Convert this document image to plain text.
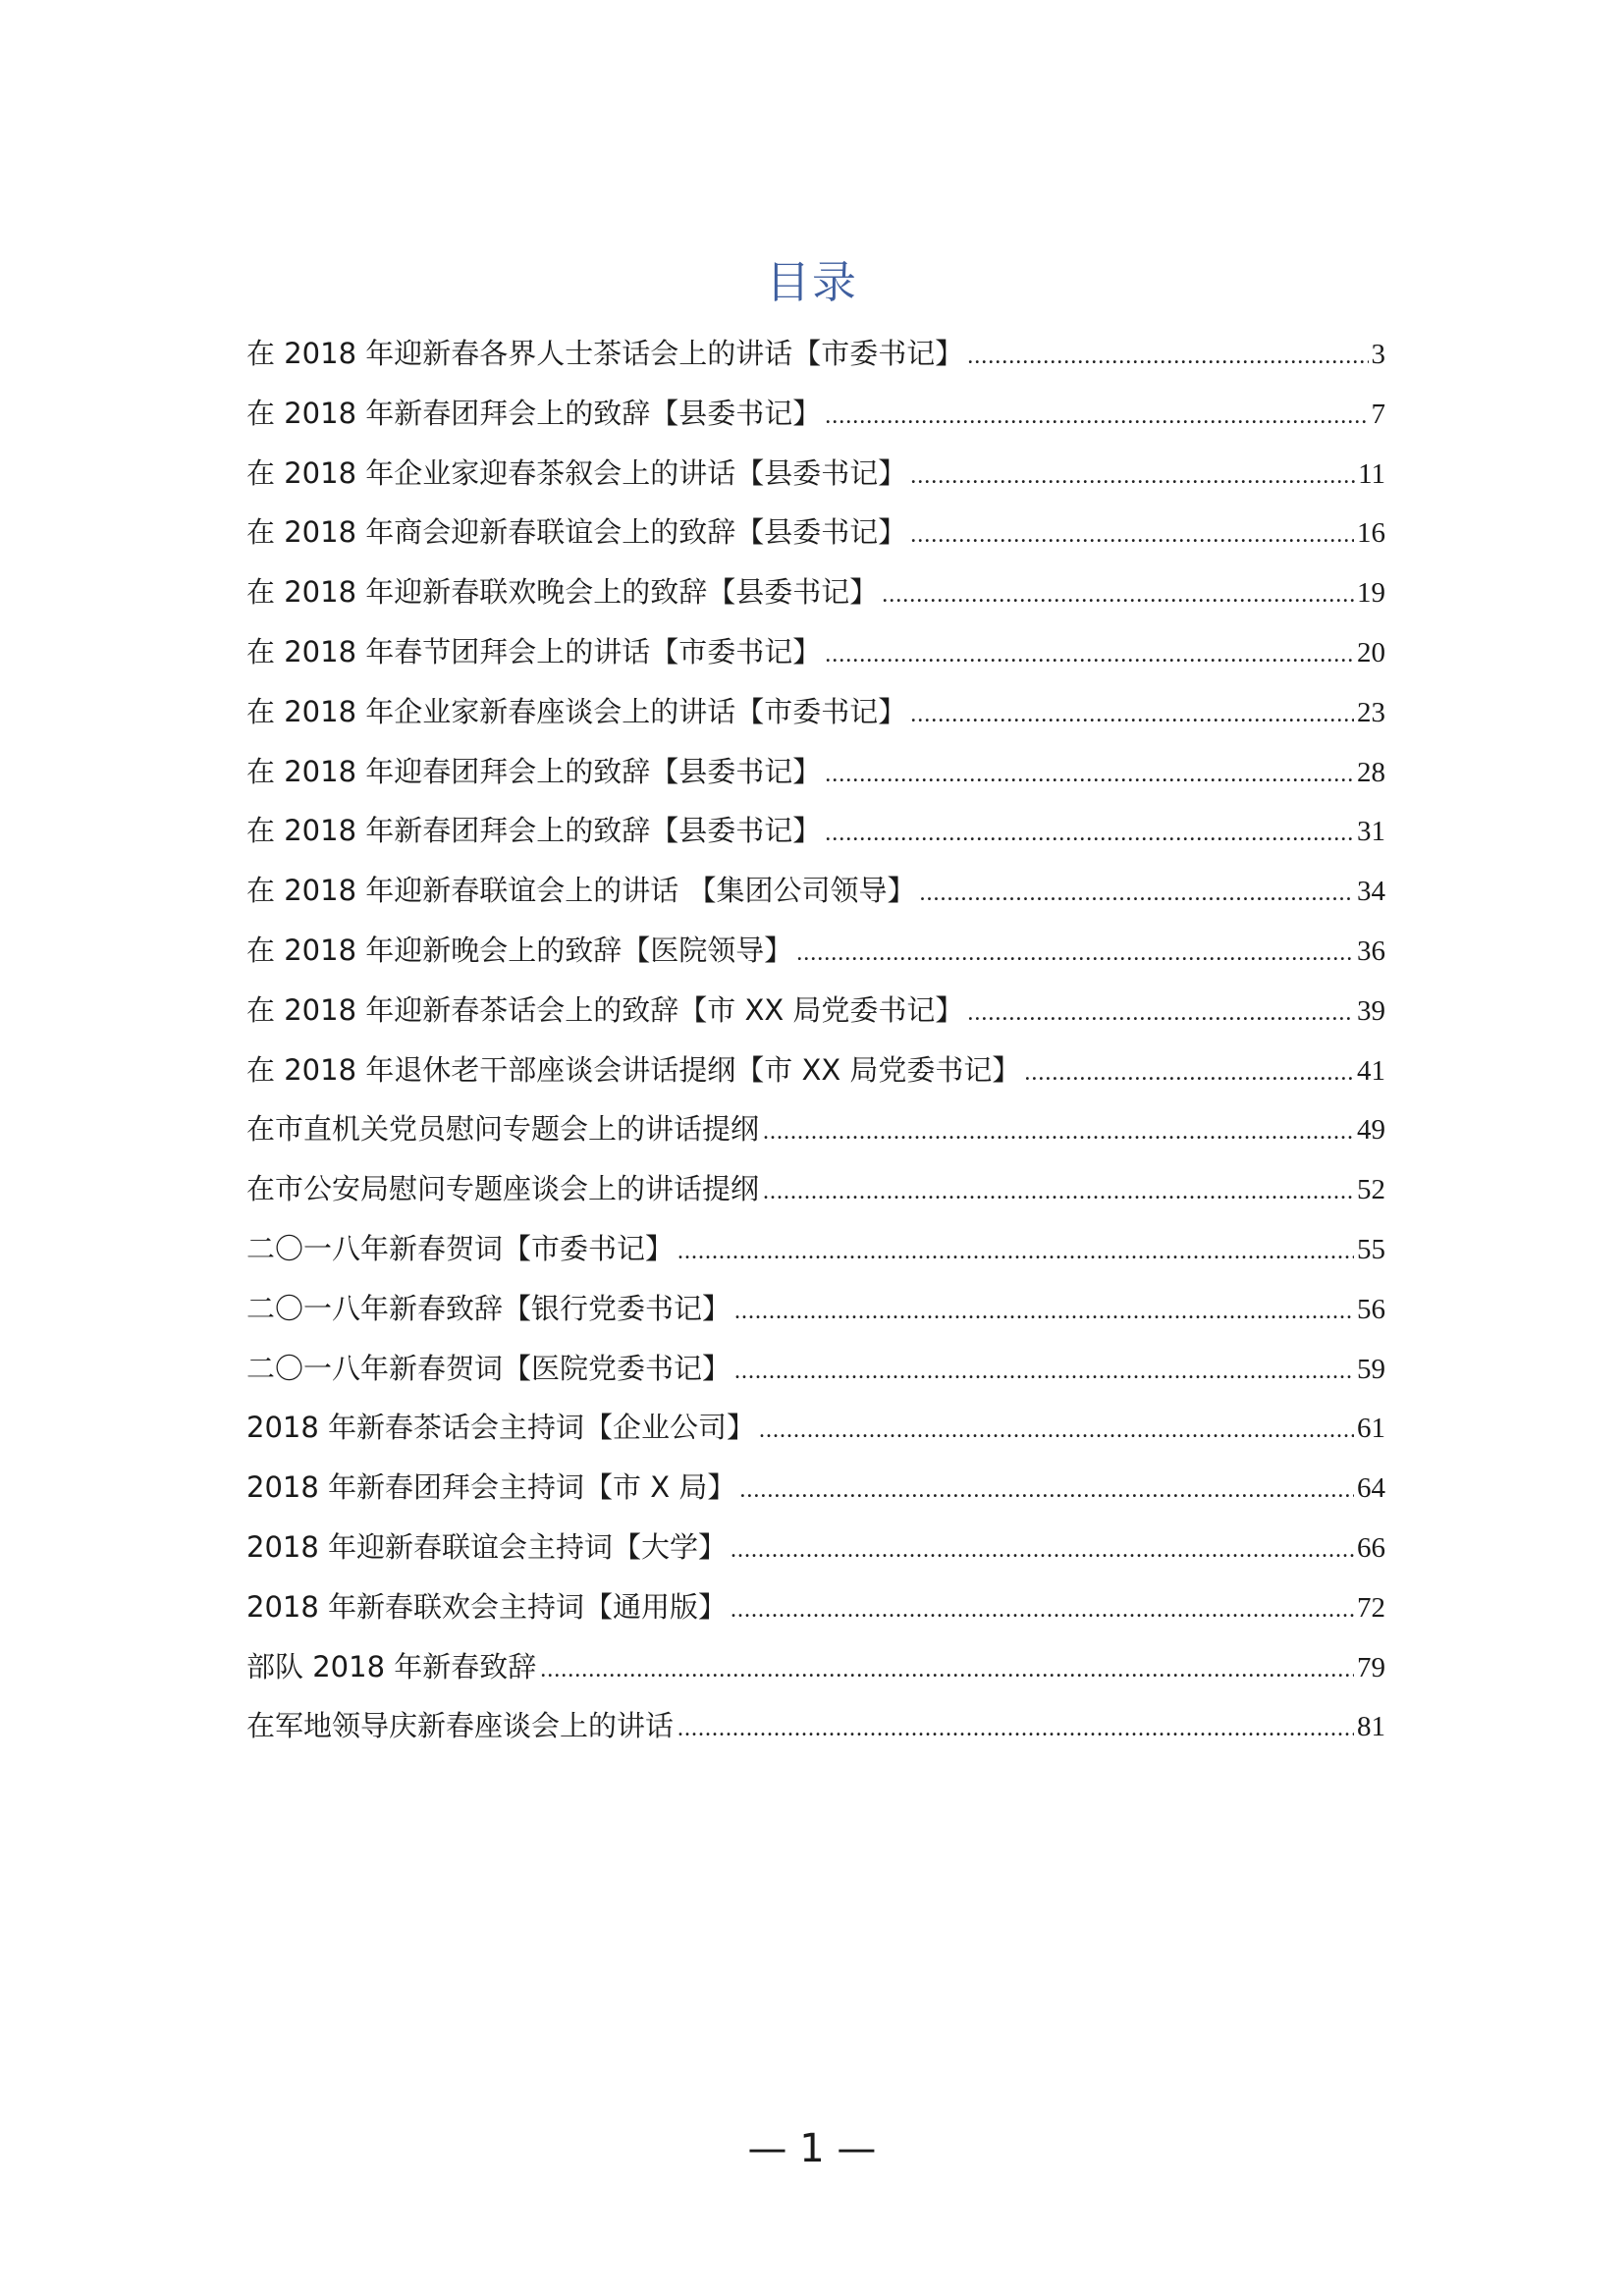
目录
在 2018 年迎新春各界人士茶话会上的讲话【市委书记】 .....	3
在 2018 年新春团拜会上的致辞【县委书记】 .....	7
在 2018 年企业家迎春茶叙会上的讲话【县委书记】 .....	11
在 2018 年商会迎新春联谊会上的致辞【县委书记】 .....	16
在 2018 年迎新春联欢晚会上的致辞【县委书记】 .....	19
在 2018 年春节团拜会上的讲话【市委书记】 .....	20
在 2018 年企业家新春座谈会上的讲话【市委书记】 .....	23
在 2018 年迎春团拜会上的致辞【县委书记】 .....	28
在 2018 年新春团拜会上的致辞【县委书记】 .....	31
在 2018 年迎新春联谊会上的讲话 【集团公司领导】 .....	34
在 2018 年迎新晚会上的致辞【医院领导】 .....	36
在 2018 年迎新春茶话会上的致辞【市 XX 局党委书记】 .....	39
在 2018 年退休老干部座谈会讲话提纲【市 XX 局党委书记】 .....	41
在市直机关党员慰问专题会上的讲话提纲 .....	49
在市公安局慰问专题座谈会上的讲话提纲 .....	52
二〇一八年新春贺词【市委书记】 .....	55
二〇一八年新春致辞【银行党委书记】 .....	56
二〇一八年新春贺词【医院党委书记】 .....	59
2018 年新春茶话会主持词【企业公司】 .....	61
2018 年新春团拜会主持词【市 X 局】 .....	64
2018 年迎新春联谊会主持词【大学】 .....	66
2018 年新春联欢会主持词【通用版】 .....	72
部队 2018 年新春致辞 .....	79
在军地领导庆新春座谈会上的讲话 .....	81
— 1 —
